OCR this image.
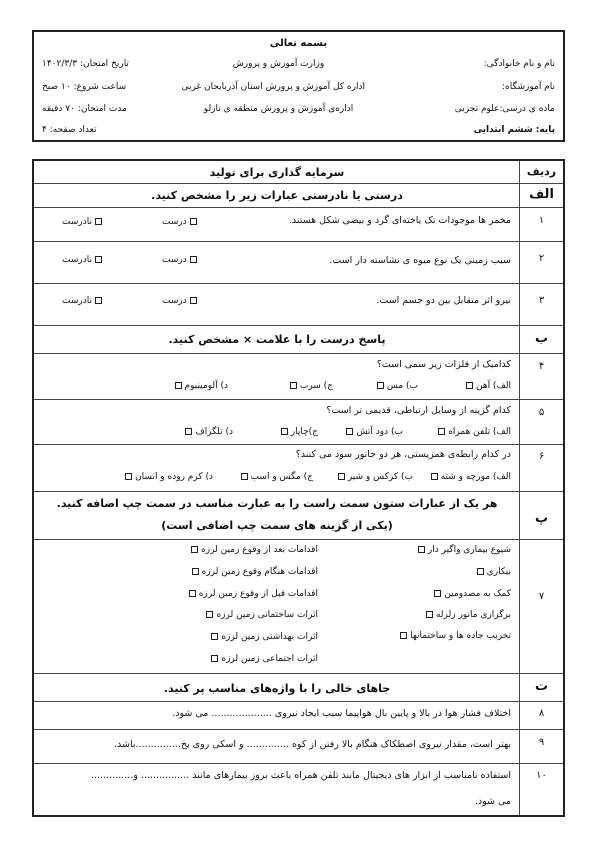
بسمه تعالی
نام و نام خانوادگی:
وزارت آموزش و پرورش
تاریخ امتحان: ۱۴۰۲/۳/۳
نام آموزشگاه:
اداره کل آموزش و پرورش استان آذربایجان غربی
ساعت شروع: ۱۰ صبح
ماده ی درسی:علوم تجربی
اداره‌ی آموزش و پرورش منطقه ی نازلو
مدت امتحان: ۷۰ دقیقه
پایه: ششم ابتدایی
تعداد صفحه: ۴
ردیف
سرمایه گذاری برای تولید
الف
درستی یا نادرستی عبارات زیر را مشخص کنید.
۱
مخمر ها موجودات تک یاخته‌ای گرد و بیضی شکل هستند.
درست
نادرست
۲
سیب زمینی یک نوع میوه ی نشاسته دار است.
درست
نادرست
۳
نیرو اثر متقابل بین دو جسم است.
درست
نادرست
ب
پاسخ درست را با علامت × مشخص کنید.
۴
کدامیک از فلزات زیر سمی است؟
الف) آهن
ب) مس
ج) سرب
د) آلومینیوم
۵
کدام گزینه از وسایل ارتباطی، قدیمی تر است؟
الف) تلفن همراه
ب) دود آتش
ج)چاپار
د) تلگراف
۶
در کدام رابطه‌ی همزیستی، هر دو جانور سود می کنند؟
الف) مورچه و شته
ب) کرکس و شیر
ج) مگس و اسب
د) کرم روده و انسان
پ
هر یک از عبارات ستون سمت راست را به عبارت مناسب در سمت چپ اضافه کنید.
(یکی از گزینه های سمت چپ اضافی است)
۷
شیوع بیماری واگیر دار
بیکاری
کمک به مصدومین
برگزاری مانور زلزله
تخریب جاده ها و ساختمانها
اقدامات بعد از وقوع زمین لرزه
اقدامات هنگام وقوع زمین لرزه
اقدامات قبل از وقوع زمین لرزه
اثرات ساختمانی زمین لرزه
اثرات بهداشتی زمین لرزه
اثرات اجتماعی زمین لرزه
ت
جاهای خالی را با واژه‌های مناسب پر کنید.
۸
اختلاف فشار هوا در بالا و پایین بال هواپیما سبب ایجاد نیروی .................... می شود.
۹
بهتر است، مقدار نیروی اصطکاک هنگام بالا رفتن از کوه .............. و اسکی روی یخ...............باشد.
۱۰
استفاده نامناسب از ابزار های دیجیتال مانند تلفن همراه باعث بروز بیمارهای مانند ................ و..............
می شود.
